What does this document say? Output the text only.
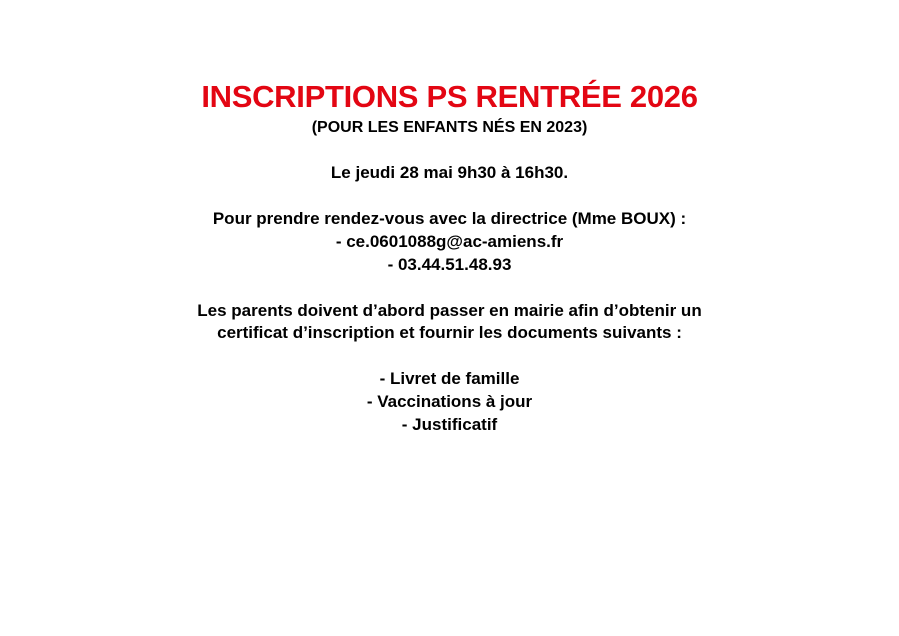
INSCRIPTIONS PS RENTRÉE 2026
(POUR LES ENFANTS NÉS EN 2023)
Le jeudi 28 mai 9h30 à 16h30.
Pour prendre rendez-vous avec la directrice (Mme BOUX) :
- ce.0601088g@ac-amiens.fr
- 03.44.51.48.93
Les parents doivent d’abord passer en mairie afin d’obtenir un
certificat d’inscription et fournir les documents suivants :
- Livret de famille
- Vaccinations à jour
- Justificatif
